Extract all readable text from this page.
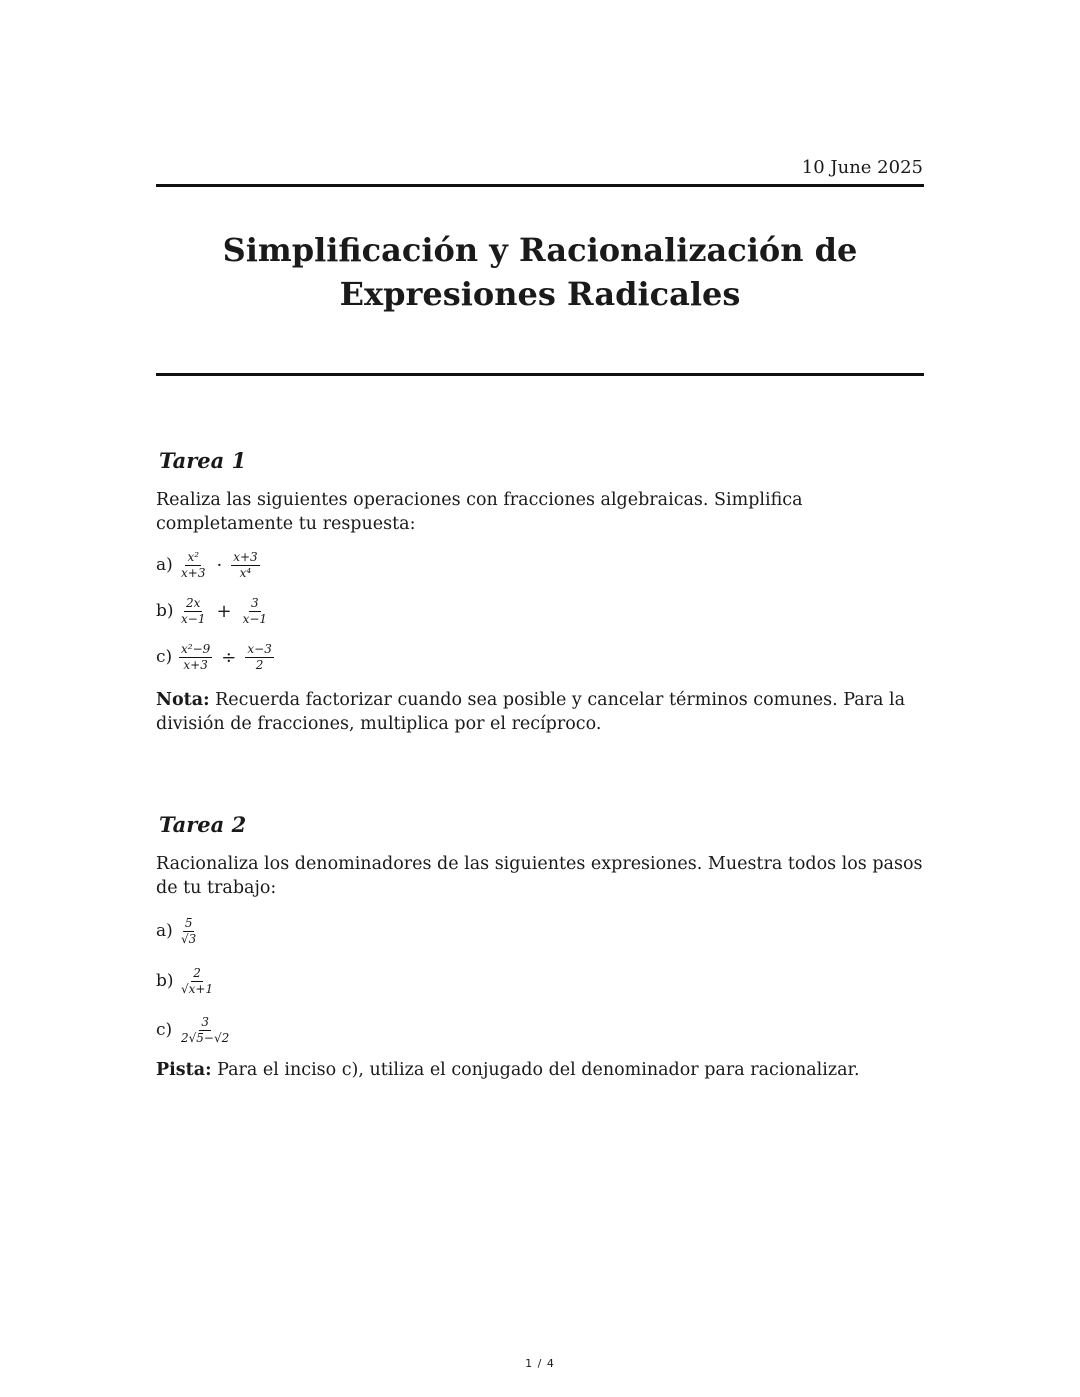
10 June 2025
Simplificación y Racionalización de
Expresiones Radicales
Tarea 1

Realiza las siguientes operaciones con fracciones algebraicas. Simplifica completamente tu respuesta:

$a) \frac{\text{x²}}{x+3} \cdot \frac{x+3}{\text{x⁴}}$
$b) \frac{2x}{x-1} + \frac{3}{x-1}$
$c) \frac{\text{x²−9}}{x+3} \div \frac{x-3}{2}$

Nota: Recuerda factorizar cuando sea posible y cancelar términos comunes. Para la división de fracciones, multiplica por el recíproco.

Tarea 2

Racionaliza los denominadores de las siguientes expresiones. Muestra todos los pasos de tu trabajo:

$a) \frac{5}{√3}$
$b) \frac{2}{√x+1}$
$c) \frac{3}{2√5-√2}$

Pista: Para el inciso c), utiliza el conjugado del denominador para racionalizar.

1 / 4
